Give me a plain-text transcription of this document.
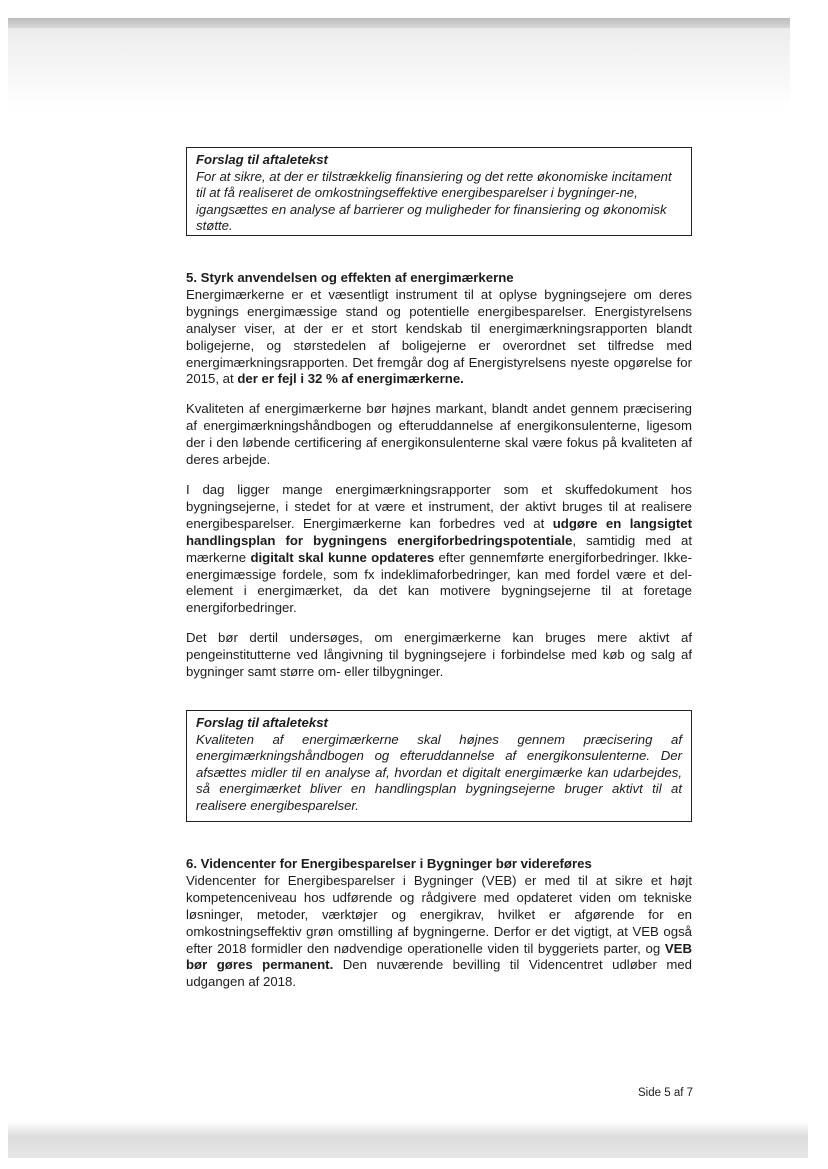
Forslag til aftaletekst
For at sikre, at der er tilstrækkelig finansiering og det rette økonomiske incitament til at få realiseret de omkostningseffektive energibesparelser i bygninger-ne, igangsættes en analyse af barrierer og muligheder for finansiering og økonomisk støtte.
5. Styrk anvendelsen og effekten af energimærkerne

Energimærkerne er et væsentligt instrument til at oplyse bygningsejere om deres bygnings energimæssige stand og potentielle energibesparelser. Energistyrelsens analyser viser, at der er et stort kendskab til energimærkningsrapporten blandt boligejerne, og størstedelen af boligejerne er overordnet set tilfredse med energimærkningsrapporten. Det fremgår dog af Energistyrelsens nyeste opgørelse for 2015, at der er fejl i 32 % af energimærkerne.

Kvaliteten af energimærkerne bør højnes markant, blandt andet gennem præcisering af energimærkningshåndbogen og efteruddannelse af energikonsulenterne, ligesom der i den løbende certificering af energikonsulenterne skal være fokus på kvaliteten af deres arbejde.

I dag ligger mange energimærkningsrapporter som et skuffedokument hos bygningsejerne, i stedet for at være et instrument, der aktivt bruges til at realisere energibesparelser. Energimærkerne kan forbedres ved at udgøre en langsigtet handlingsplan for bygningens energiforbedringspotentiale, samtidig med at mærkerne digitalt skal kunne opdateres efter gennemførte energiforbedringer. Ikke-energimæssige fordele, som fx indeklimaforbedringer, kan med fordel være et del-element i energimærket, da det kan motivere bygningsejerne til at foretage energiforbedringer.

Det bør dertil undersøges, om energimærkerne kan bruges mere aktivt af pengeinstitutterne ved långivning til bygningsejere i forbindelse med køb og salg af bygninger samt større om- eller tilbygninger.

Forslag til aftaletekst
Kvaliteten af energimærkerne skal højnes gennem præcisering af energimærkningshåndbogen og efteruddannelse af energikonsulenterne. Der afsættes midler til en analyse af, hvordan et digitalt energimærke kan udarbejdes, så energimærket bliver en handlingsplan bygningsejerne bruger aktivt til at realisere energibesparelser.
6. Videncenter for Energibesparelser i Bygninger bør videreføres

Videncenter for Energibesparelser i Bygninger (VEB) er med til at sikre et højt kompetenceniveau hos udførende og rådgivere med opdateret viden om tekniske løsninger, metoder, værktøjer og energikrav, hvilket er afgørende for en omkostningseffektiv grøn omstilling af bygningerne. Derfor er det vigtigt, at VEB også efter 2018 formidler den nødvendige operationelle viden til byggeriets parter, og VEB bør gøres permanent. Den nuværende bevilling til Videncentret udløber med udgangen af 2018.

Side 5 af 7
